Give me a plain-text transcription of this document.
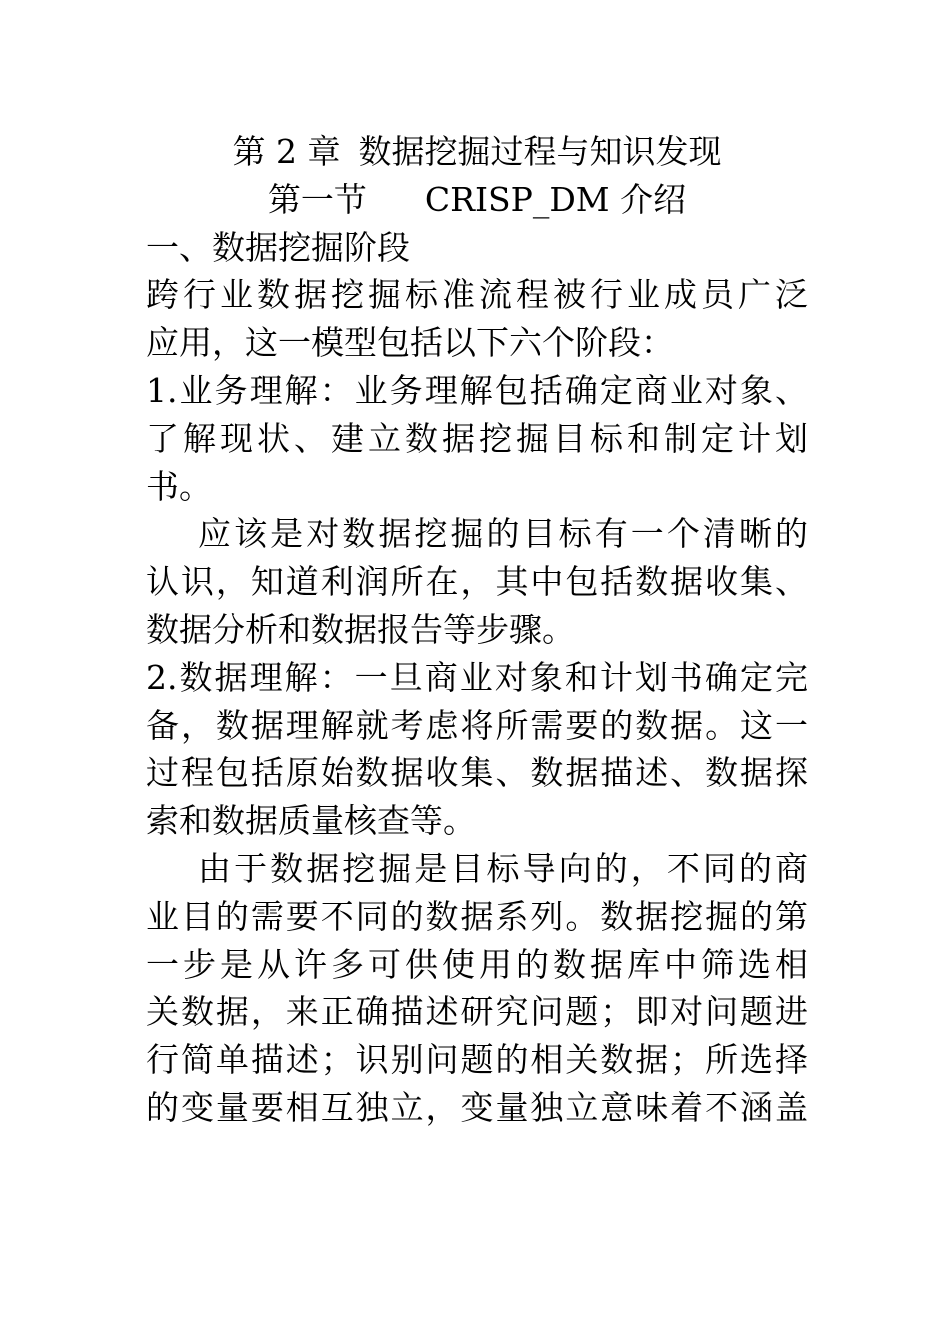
第 2 章 数据挖掘过程与知识发现
第一节 CRISP_DM 介绍
一、数据挖掘阶段
跨行业数据挖掘标准流程被行业成员广泛
应用，这一模型包括以下六个阶段：
1.业务理解：业务理解包括确定商业对象、
了解现状、建立数据挖掘目标和制定计划
书。
应该是对数据挖掘的目标有一个清晰的
认识，知道利润所在，其中包括数据收集、
数据分析和数据报告等步骤。
2.数据理解：一旦商业对象和计划书确定完
备，数据理解就考虑将所需要的数据。这一
过程包括原始数据收集、数据描述、数据探
索和数据质量核查等。
由于数据挖掘是目标导向的，不同的商
业目的需要不同的数据系列。数据挖掘的第
一步是从许多可供使用的数据库中筛选相
关数据，来正确描述研究问题；即对问题进
行简单描述；识别问题的相关数据；所选择
的变量要相互独立，变量独立意味着不涵盖
